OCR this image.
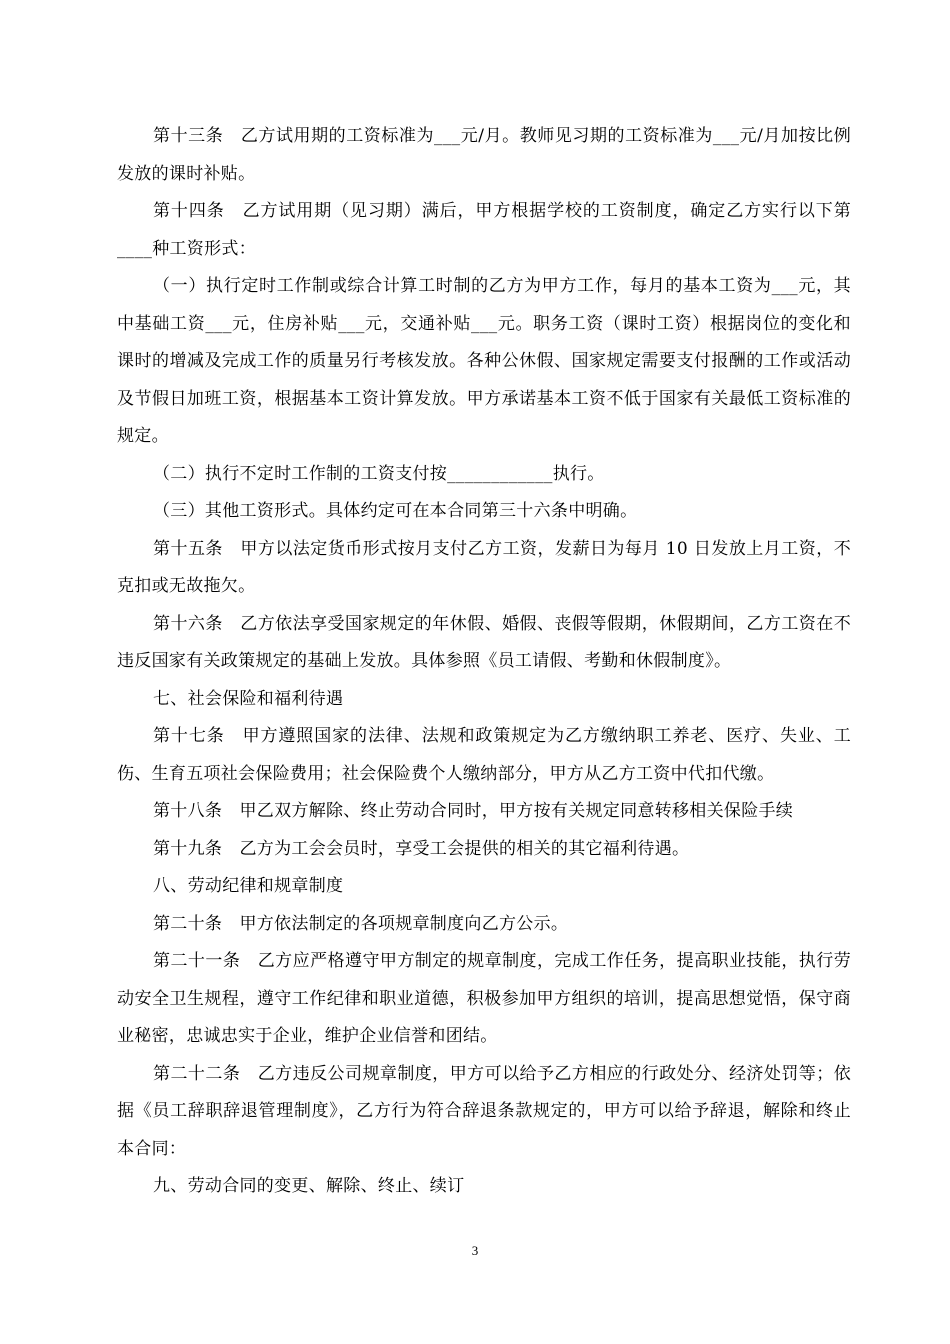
第十三条　乙方试用期的工资标准为___元/月。教师见习期的工资标准为___元/月加按比例发放的课时补贴。

第十四条　乙方试用期（见习期）满后，甲方根据学校的工资制度，确定乙方实行以下第____种工资形式：

（一）执行定时工作制或综合计算工时制的乙方为甲方工作，每月的基本工资为___元，其中基础工资___元，住房补贴___元，交通补贴___元。职务工资（课时工资）根据岗位的变化和课时的增减及完成工作的质量另行考核发放。各种公休假、国家规定需要支付报酬的工作或活动及节假日加班工资，根据基本工资计算发放。甲方承诺基本工资不低于国家有关最低工资标准的规定。

（二）执行不定时工作制的工资支付按____________执行。

（三）其他工资形式。具体约定可在本合同第三十六条中明确。

第十五条　甲方以法定货币形式按月支付乙方工资，发薪日为每月 10 日发放上月工资，不克扣或无故拖欠。

第十六条　乙方依法享受国家规定的年休假、婚假、丧假等假期，休假期间，乙方工资在不违反国家有关政策规定的基础上发放。具体参照《员工请假、考勤和休假制度》。

七、社会保险和福利待遇

第十七条　甲方遵照国家的法律、法规和政策规定为乙方缴纳职工养老、医疗、失业、工伤、生育五项社会保险费用；社会保险费个人缴纳部分，甲方从乙方工资中代扣代缴。

第十八条　甲乙双方解除、终止劳动合同时，甲方按有关规定同意转移相关保险手续

第十九条　乙方为工会会员时，享受工会提供的相关的其它福利待遇。

八、劳动纪律和规章制度

第二十条　甲方依法制定的各项规章制度向乙方公示。

第二十一条　乙方应严格遵守甲方制定的规章制度，完成工作任务，提高职业技能，执行劳动安全卫生规程，遵守工作纪律和职业道德，积极参加甲方组织的培训，提高思想觉悟，保守商业秘密，忠诚忠实于企业，维护企业信誉和团结。

第二十二条　乙方违反公司规章制度，甲方可以给予乙方相应的行政处分、经济处罚等；依据《员工辞职辞退管理制度》，乙方行为符合辞退条款规定的，甲方可以给予辞退，解除和终止本合同：

九、劳动合同的变更、解除、终止、续订

3
